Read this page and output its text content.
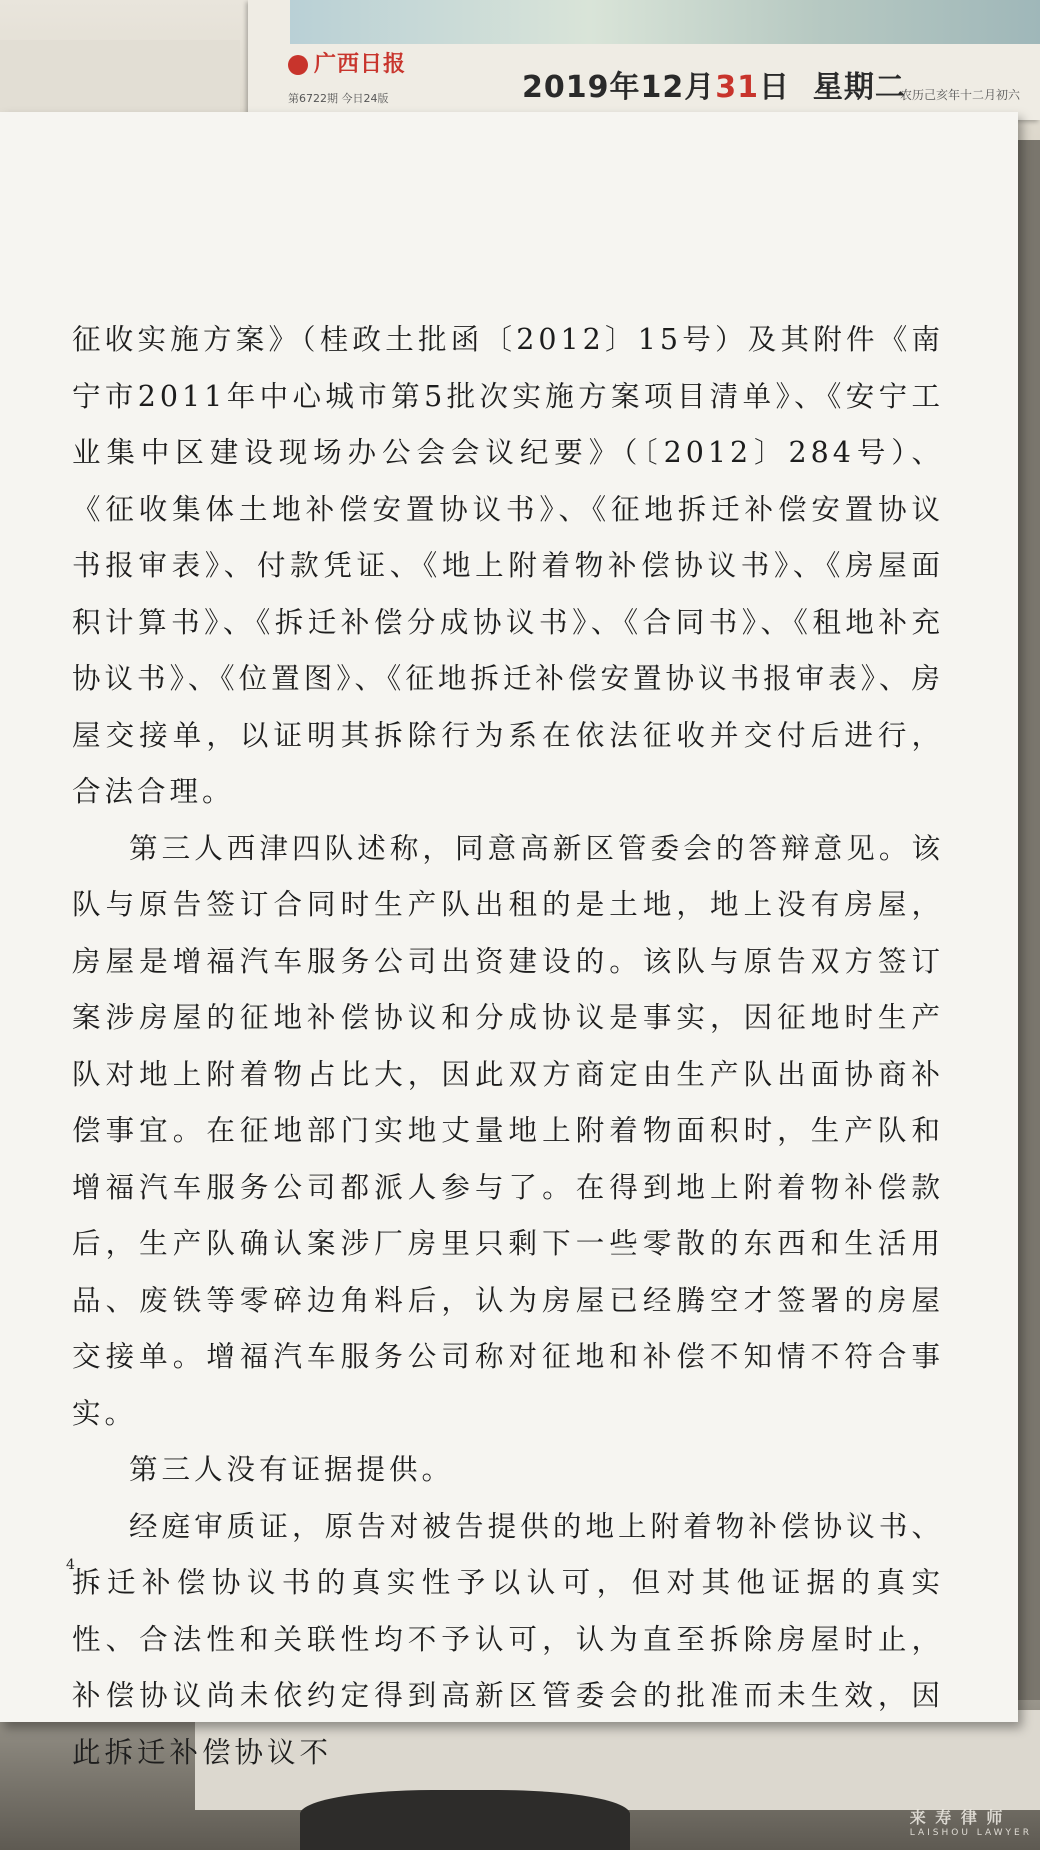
广西日报
第6722期 今日24版	2019年12月31日 星期二
农历己亥年十二月初六

征收实施方案》（桂政土批函〔2012〕15号）及其附件《南宁市2011年中心城市第5批次实施方案项目清单》、《安宁工业集中区建设现场办公会会议纪要》（〔2012〕284号）、《征收集体土地补偿安置协议书》、《征地拆迁补偿安置协议书报审表》、付款凭证、《地上附着物补偿协议书》、《房屋面积计算书》、《拆迁补偿分成协议书》、《合同书》、《租地补充协议书》、《位置图》、《征地拆迁补偿安置协议书报审表》、房屋交接单，以证明其拆除行为系在依法征收并交付后进行，合法合理。

第三人西津四队述称，同意高新区管委会的答辩意见。该队与原告签订合同时生产队出租的是土地，地上没有房屋，房屋是增福汽车服务公司出资建设的。该队与原告双方签订案涉房屋的征地补偿协议和分成协议是事实，因征地时生产队对地上附着物占比大，因此双方商定由生产队出面协商补偿事宜。在征地部门实地丈量地上附着物面积时，生产队和增福汽车服务公司都派人参与了。在得到地上附着物补偿款后，生产队确认案涉厂房里只剩下一些零散的东西和生活用品、废铁等零碎边角料后，认为房屋已经腾空才签署的房屋交接单。增福汽车服务公司称对征地和补偿不知情不符合事实。

第三人没有证据提供。

经庭审质证，原告对被告提供的地上附着物补偿协议书、拆迁补偿协议书的真实性予以认可，但对其他证据的真实性、合法性和关联性均不予认可，认为直至拆除房屋时止，补偿协议尚未依约定得到高新区管委会的批准而未生效，因此拆迁补偿协议不

4
来 寿 律 师
LAISHOU LAWYER
